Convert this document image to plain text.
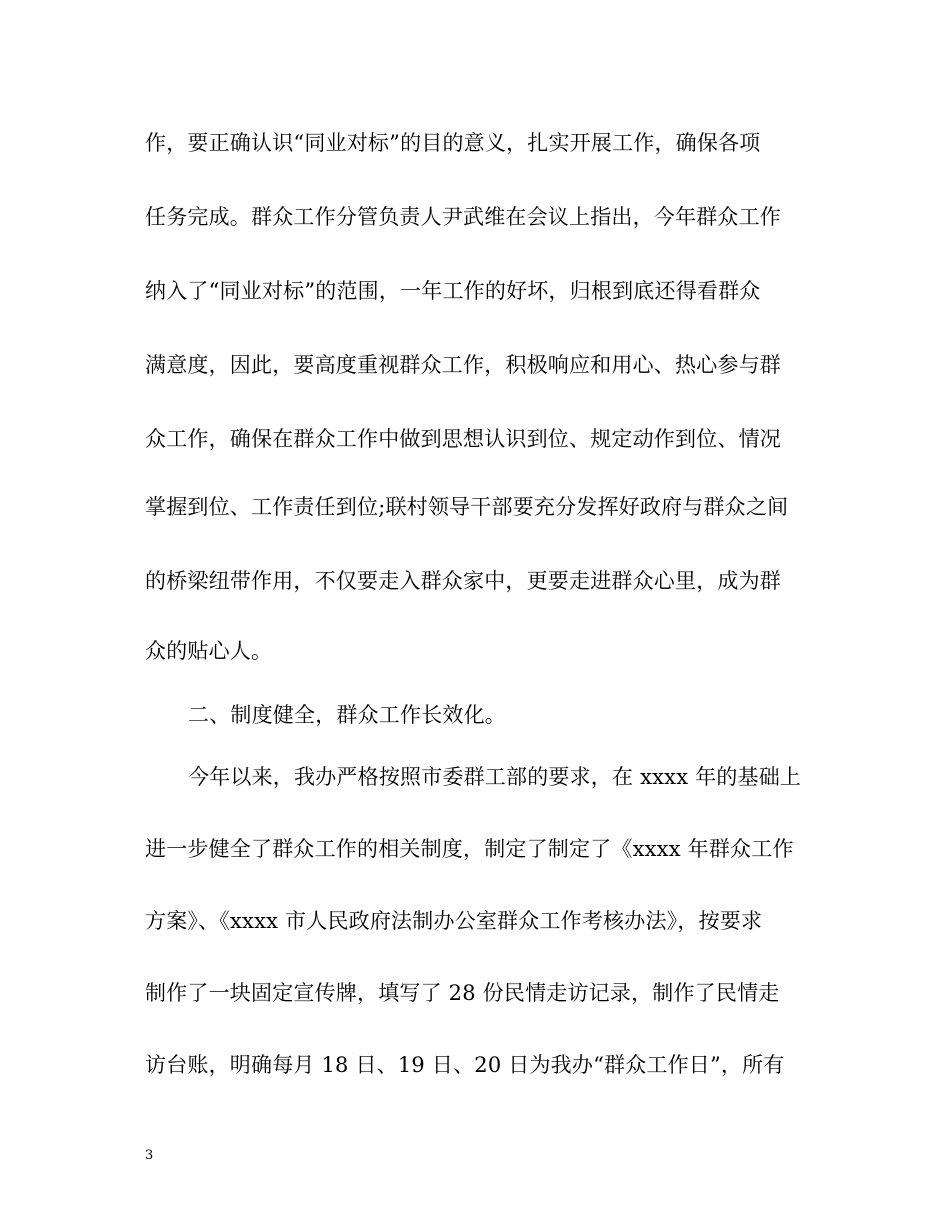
作，要正确认识“同业对标”的目的意义，扎实开展工作，确保各项
任务完成。群众工作分管负责人尹武维在会议上指出，今年群众工作
纳入了“同业对标”的范围，一年工作的好坏，归根到底还得看群众
满意度，因此，要高度重视群众工作，积极响应和用心、热心参与群
众工作，确保在群众工作中做到思想认识到位、规定动作到位、情况
掌握到位、工作责任到位;联村领导干部要充分发挥好政府与群众之间
的桥梁纽带作用，不仅要走入群众家中，更要走进群众心里，成为群
众的贴心人。
二、制度健全，群众工作长效化。
今年以来，我办严格按照市委群工部的要求，在 xxxx 年的基础上
进一步健全了群众工作的相关制度，制定了制定了《xxxx 年群众工作
方案》、《xxxx 市人民政府法制办公室群众工作考核办法》，按要求
制作了一块固定宣传牌，填写了 28 份民情走访记录，制作了民情走
访台账，明确每月 18 日、19 日、20 日为我办“群众工作日”，所有
3
